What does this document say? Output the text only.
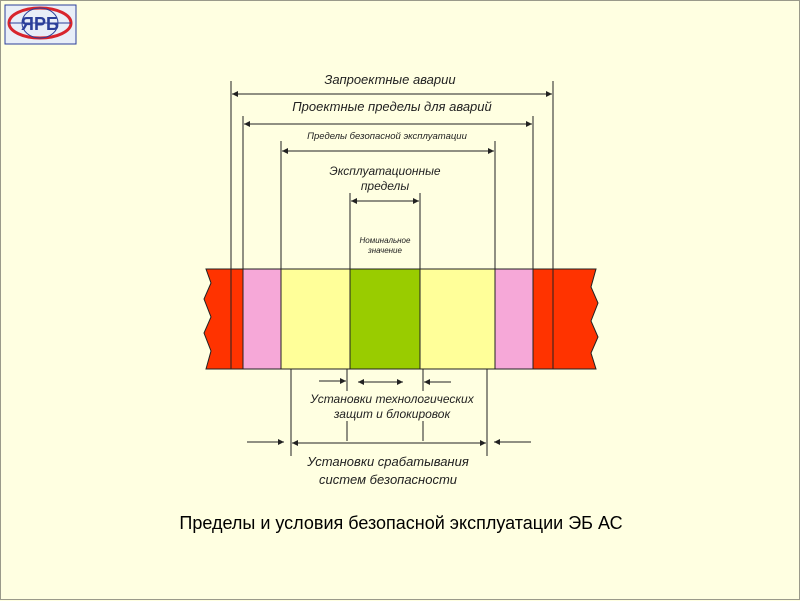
ЯРБ
Запроектные аварии
Проектные пределы для аварий
Пределы безопасной эксплуатации
Эксплуатационные
пределы
Номинальное
значение
Установки технологических
защит и блокировок
Установки срабатывания
систем безопасности
Пределы и условия безопасной эксплуатации ЭБ АС
